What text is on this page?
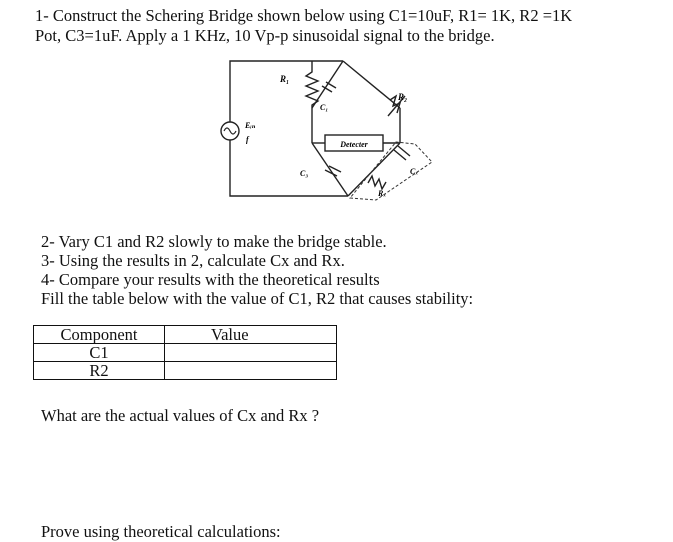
1- Construct the Schering Bridge shown below using C1=10uF, R1= 1K, R2 =1K
Pot, C3=1uF. Apply a 1 KHz, 10 Vp-p sinusoidal signal to the bridge.
R₁
C₁
R₂
Eᵢₙ
f
Detecter
C₃	Cₓ
Rₓ
2- Vary C1 and R2 slowly to make the bridge stable.
3- Using the results in 2, calculate Cx and Rx.
4- Compare your results with the theoretical results
Fill the table below with the value of C1, R2 that causes stability:
Component	Value
C1	
R2	
What are the actual values of Cx and Rx ?
Prove using theoretical calculations:
